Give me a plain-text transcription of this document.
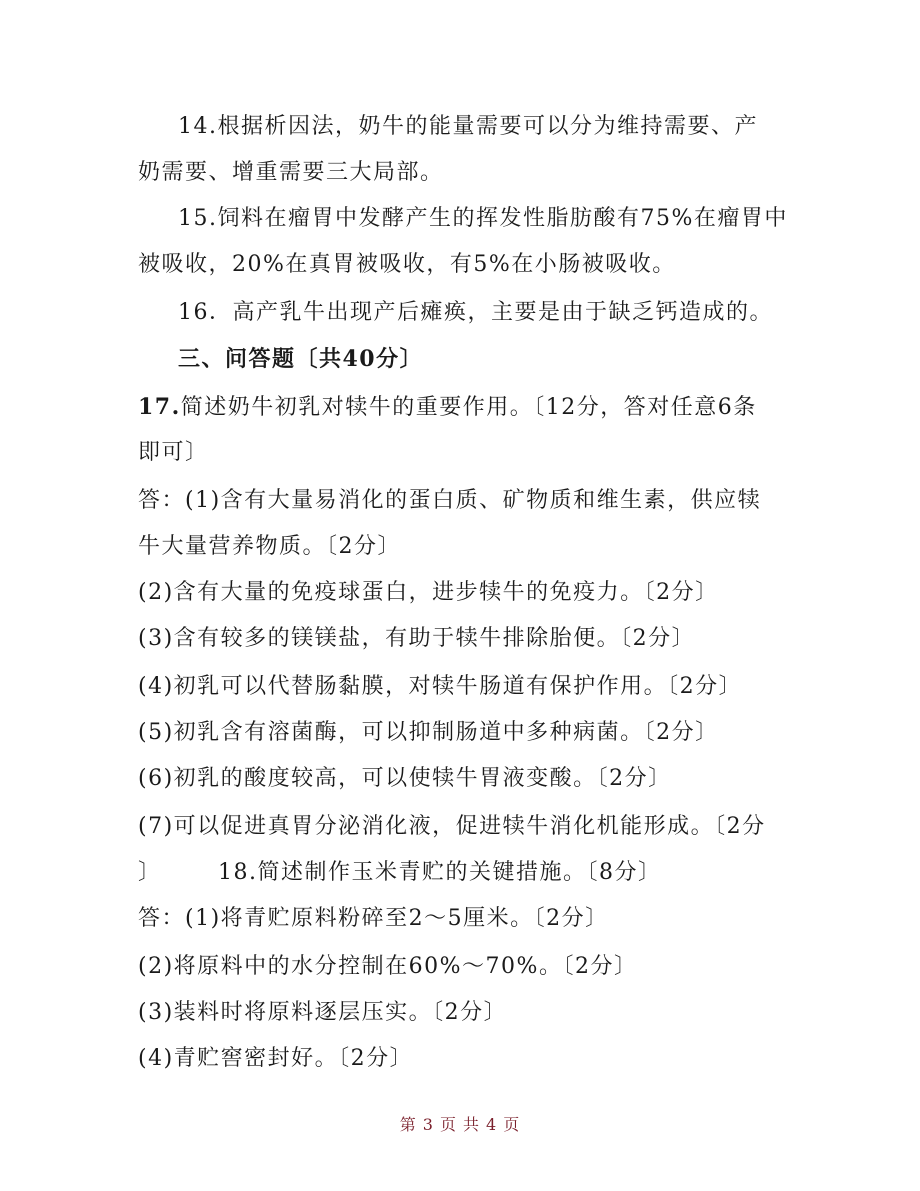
14.根据析因法，奶牛的能量需要可以分为维持需要、产
奶需要、增重需要三大局部。
15.饲料在瘤胃中发酵产生的挥发性脂肪酸有75%在瘤胃中
被吸收，20%在真胃被吸收，有5%在小肠被吸收。
16．高产乳牛出现产后瘫痪，主要是由于缺乏钙造成的。
三、问答题〔共40分〕
17.简述奶牛初乳对犊牛的重要作用。〔12分，答对任意6条
即可〕
答：(1)含有大量易消化的蛋白质、矿物质和维生素，供应犊
牛大量营养物质。〔2分〕
(2)含有大量的免疫球蛋白，进步犊牛的免疫力。〔2分〕
(3)含有较多的镁镁盐，有助于犊牛排除胎便。〔2分〕
(4)初乳可以代替肠黏膜，对犊牛肠道有保护作用。〔2分〕
(5)初乳含有溶菌酶，可以抑制肠道中多种病菌。〔2分〕
(6)初乳的酸度较高，可以使犊牛胃液变酸。〔2分〕
(7)可以促进真胃分泌消化液，促进犊牛消化机能形成。〔2分
〕	18.简述制作玉米青贮的关键措施。〔8分〕
答：(1)将青贮原料粉碎至2～5厘米。〔2分〕
(2)将原料中的水分控制在60%～70%。〔2分〕
(3)装料时将原料逐层压实。〔2分〕
(4)青贮窖密封好。〔2分〕
第 3 页 共 4 页
